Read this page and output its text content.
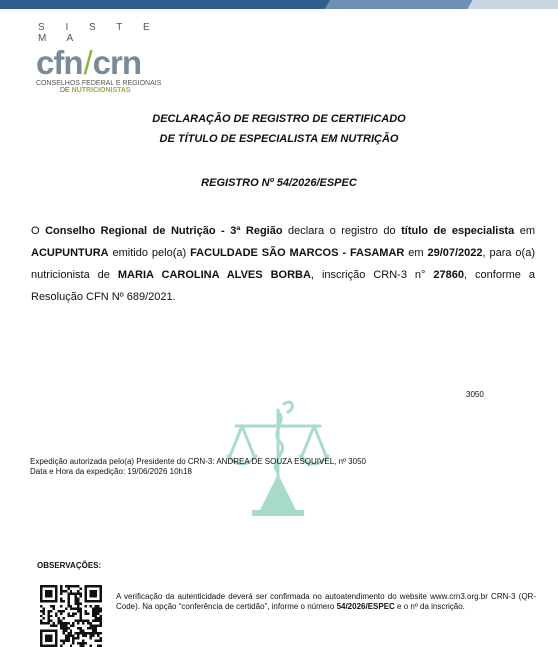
S I S T E M A
cfn/crn
CONSELHOS FEDERAL E REGIONAIS
DE NUTRICIONISTAS
DECLARAÇÃO DE REGISTRO DE CERTIFICADO
DE TÍTULO DE ESPECIALISTA EM NUTRIÇÃO
REGISTRO Nº 54/2026/ESPEC
O Conselho Regional de Nutrição - 3ª Região declara o registro do título de especialista em ACUPUNTURA emitido pelo(a) FACULDADE SÃO MARCOS - FASAMAR em 29/07/2022, para o(a) nutricionista de MARIA CAROLINA ALVES BORBA, inscrição CRN-3 n° 27860, conforme a Resolução CFN Nº 689/2021.
3050
Expedição autorizada pelo(a) Presidente do CRN-3: ANDREA DE SOUZA ESQUIVEL, nº 3050
Data e Hora da expedição: 19/06/2026 10h18
OBSERVAÇÕES:
A verificação da autenticidade deverá ser confirmada no autoatendimento do website www.crn3.org.br CRN-3 (QR-Code). Na opção “conferência de certidão”, informe o número 54/2026/ESPEC e o nº da inscrição.
